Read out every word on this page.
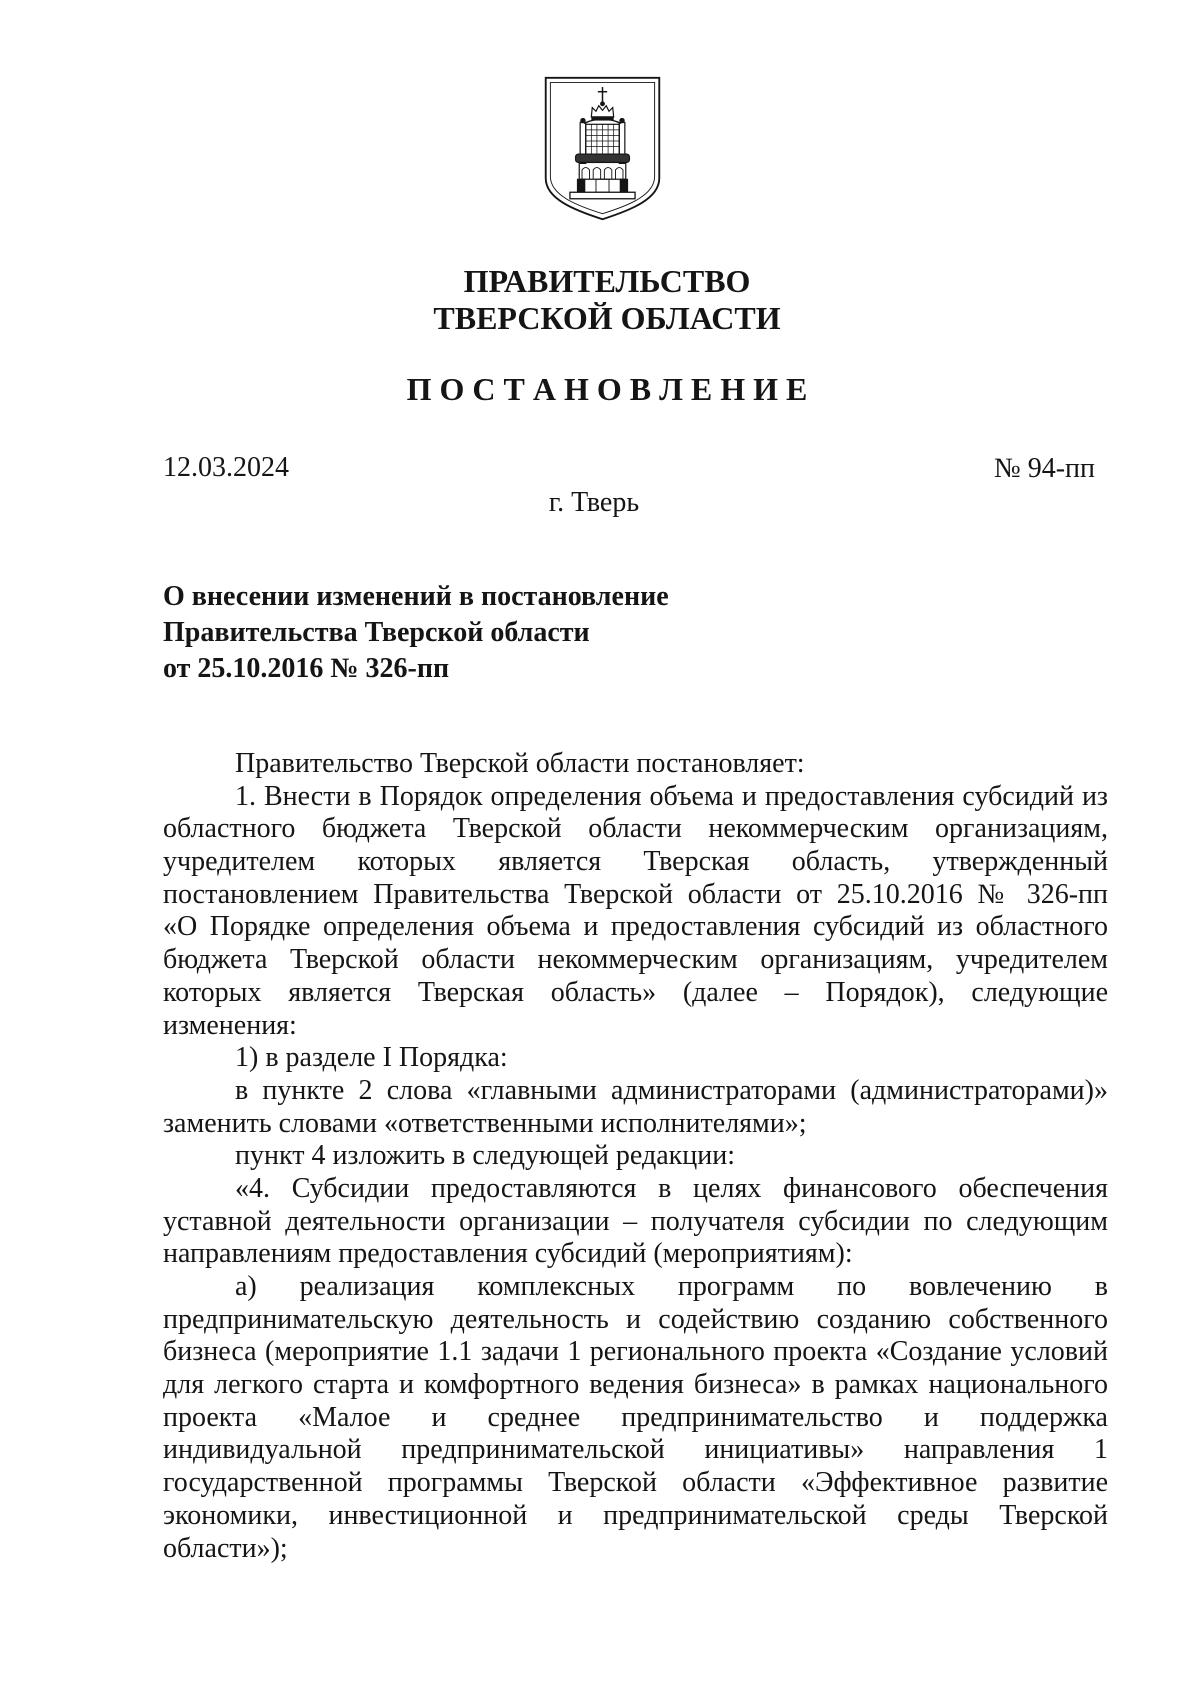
ПРАВИТЕЛЬСТВО
ТВЕРСКОЙ ОБЛАСТИ
П О С Т А Н О В Л Е Н И Е
12.03.2024	№ 94-пп
г. Тверь
О внесении изменений в постановление
Правительства Тверской области
от 25.10.2016 № 326-пп
Правительство Тверской области постановляет:
1. Внести в Порядок определения объема и предоставления субсидий из
областного бюджета Тверской области некоммерческим организациям,
учредителем которых является Тверская область, утвержденный
постановлением Правительства Тверской области от 25.10.2016 № 326-пп
«О Порядке определения объема и предоставления субсидий из областного
бюджета Тверской области некоммерческим организациям, учредителем
которых является Тверская область» (далее – Порядок), следующие
изменения:
1) в разделе I Порядка:
в пункте 2 слова «главными администраторами (администраторами)»
заменить словами «ответственными исполнителями»;
пункт 4 изложить в следующей редакции:
«4. Субсидии предоставляются в целях финансового обеспечения
уставной деятельности организации – получателя субсидии по следующим
направлениям предоставления субсидий (мероприятиям):
а) реализация комплексных программ по вовлечению в
предпринимательскую деятельность и содействию созданию собственного
бизнеса (мероприятие 1.1 задачи 1 регионального проекта «Создание условий
для легкого старта и комфортного ведения бизнеса» в рамках национального
проекта «Малое и среднее предпринимательство и поддержка
индивидуальной предпринимательской инициативы» направления 1
государственной программы Тверской области «Эффективное развитие
экономики, инвестиционной и предпринимательской среды Тверской
области»);
